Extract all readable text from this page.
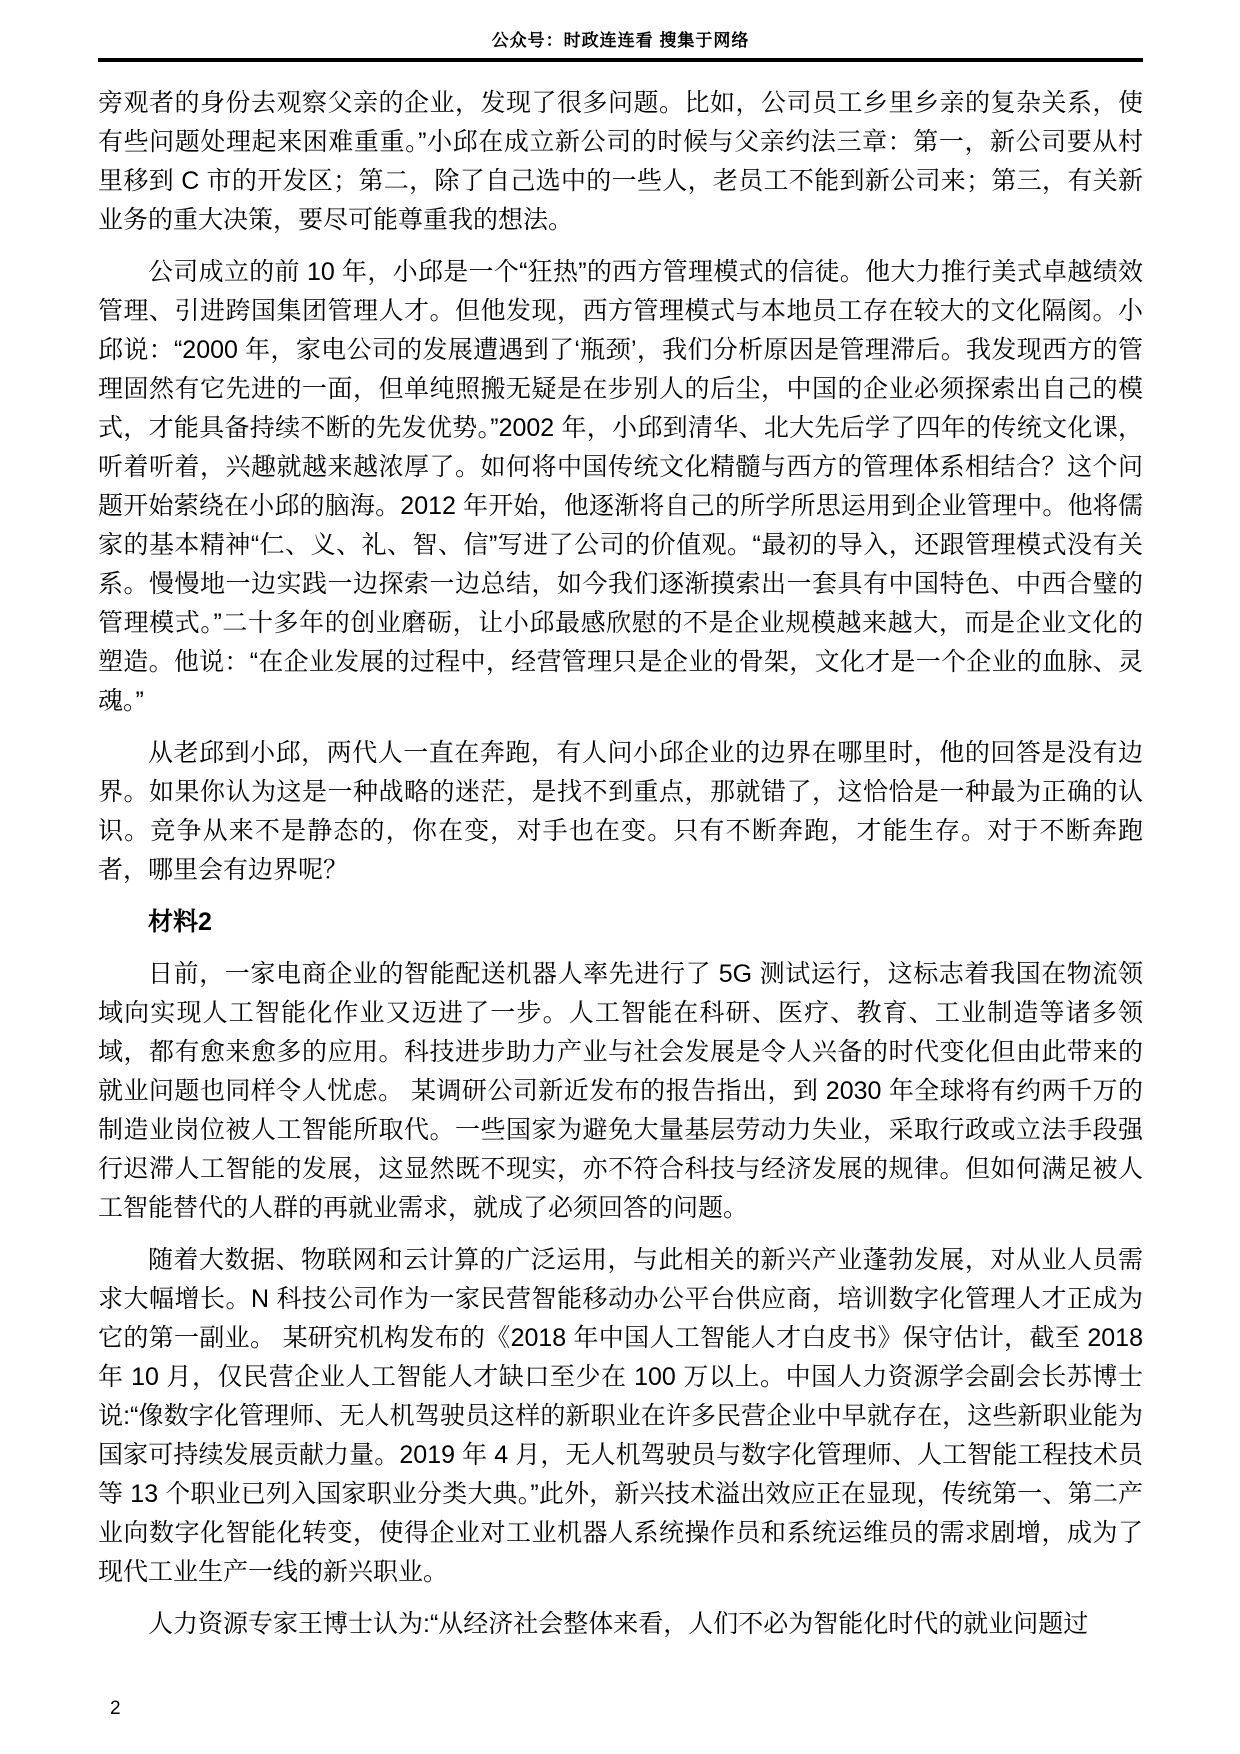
公众号：时政连连看 搜集于网络

旁观者的身份去观察父亲的企业，发现了很多问题。比如，公司员工乡里乡亲的复杂关系，使有些问题处理起来困难重重。”小邱在成立新公司的时候与父亲约法三章：第一，新公司要从村里移到 C 市的开发区；第二，除了自己选中的一些人，老员工不能到新公司来；第三，有关新业务的重大决策，要尽可能尊重我的想法。

公司成立的前 10 年，小邱是一个“狂热”的西方管理模式的信徒。他大力推行美式卓越绩效管理、引进跨国集团管理人才。但他发现，西方管理模式与本地员工存在较大的文化隔阂。小邱说：“2000 年，家电公司的发展遭遇到了‘瓶颈’，我们分析原因是管理滞后。我发现西方的管理固然有它先进的一面，但单纯照搬无疑是在步别人的后尘，中国的企业必须探索出自己的模式，才能具备持续不断的先发优势。”2002 年，小邱到清华、北大先后学了四年的传统文化课，听着听着，兴趣就越来越浓厚了。如何将中国传统文化精髓与西方的管理体系相结合？这个问题开始萦绕在小邱的脑海。2012 年开始，他逐渐将自己的所学所思运用到企业管理中。他将儒家的基本精神“仁、义、礼、智、信”写进了公司的价值观。“最初的导入，还跟管理模式没有关系。慢慢地一边实践一边探索一边总结，如今我们逐渐摸索出一套具有中国特色、中西合璧的管理模式。”二十多年的创业磨砺，让小邱最感欣慰的不是企业规模越来越大，而是企业文化的塑造。他说：“在企业发展的过程中，经营管理只是企业的骨架，文化才是一个企业的血脉、灵魂。”

从老邱到小邱，两代人一直在奔跑，有人问小邱企业的边界在哪里时，他的回答是没有边界。如果你认为这是一种战略的迷茫，是找不到重点，那就错了，这恰恰是一种最为正确的认识。竞争从来不是静态的，你在变，对手也在变。只有不断奔跑，才能生存。对于不断奔跑者，哪里会有边界呢？

材料2

日前，一家电商企业的智能配送机器人率先进行了 5G 测试运行，这标志着我国在物流领域向实现人工智能化作业又迈进了一步。人工智能在科研、医疗、教育、工业制造等诸多领域，都有愈来愈多的应用。科技进步助力产业与社会发展是令人兴备的时代变化但由此带来的就业问题也同样令人忧虑。 某调研公司新近发布的报告指出，到 2030 年全球将有约两千万的制造业岗位被人工智能所取代。一些国家为避免大量基层劳动力失业，采取行政或立法手段强行迟滞人工智能的发展，这显然既不现实，亦不符合科技与经济发展的规律。但如何满足被人工智能替代的人群的再就业需求，就成了必须回答的问题。

随着大数据、物联网和云计算的广泛运用，与此相关的新兴产业蓬勃发展，对从业人员需求大幅增长。N 科技公司作为一家民营智能移动办公平台供应商，培训数字化管理人才正成为它的第一副业。 某研究机构发布的《2018 年中国人工智能人才白皮书》保守估计，截至 2018 年 10 月，仅民营企业人工智能人才缺口至少在 100 万以上。中国人力资源学会副会长苏博士说:“像数字化管理师、无人机驾驶员这样的新职业在许多民营企业中早就存在，这些新职业能为国家可持续发展贡献力量。2019 年 4 月，无人机驾驶员与数字化管理师、人工智能工程技术员等 13 个职业已列入国家职业分类大典。”此外，新兴技术溢出效应正在显现，传统第一、第二产业向数字化智能化转变，使得企业对工业机器人系统操作员和系统运维员的需求剧增，成为了现代工业生产一线的新兴职业。

人力资源专家王博士认为:“从经济社会整体来看，人们不必为智能化时代的就业问题过

2
